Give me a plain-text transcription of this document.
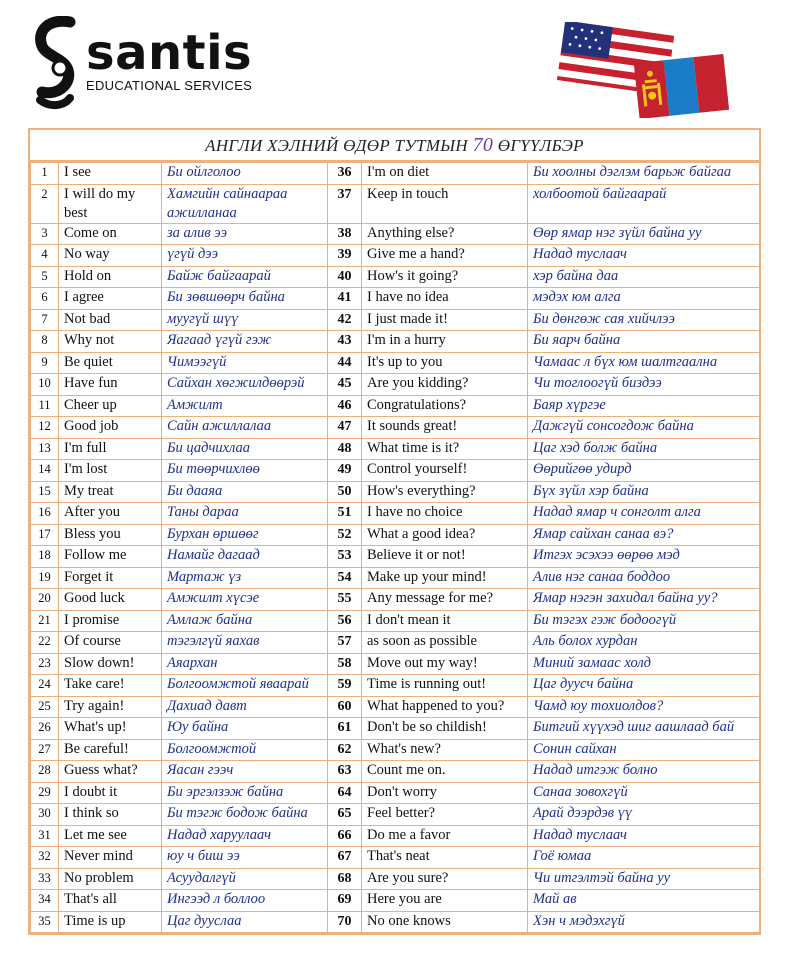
santis
EDUCATIONAL SERVICES
АНГЛИ ХЭЛНИЙ ӨДӨР ТУТМЫН 70 ӨГҮҮЛБЭР
1	I see	Би ойлголоо	36	I'm on diet	Би хоолны дэглэм барьж байгаа
2	I will do my best	Хамгийн сайнаараа ажилланаа	37	Keep in touch	холбоотой байгаарай
3	Come on	за алив ээ	38	Anything else?	Өөр ямар нэг зүйл байна уу
4	No way	үгүй дээ	39	Give me a hand?	Надад туслаач
5	Hold on	Байж байгаарай	40	How's it going?	хэр байна даа
6	I agree	Би зөвшөөрч байна	41	I have no idea	мэдэх юм алга
7	Not bad	муугүй шүү	42	I just made it!	Би дөнгөж сая хийчлээ
8	Why not	Яагаад үгүй гэж	43	I'm in a hurry	Би яарч байна
9	Be quiet	Чимээгүй	44	It's up to you	Чамаас л бүх юм шалтгаална
10	Have fun	Сайхан хөгжилдөөрэй	45	Are you kidding?	Чи тоглоогүй биздээ
11	Cheer up	Амжилт	46	Congratulations?	Баяр хүргэе
12	Good job	Сайн ажиллалаа	47	It sounds great!	Дажгүй сонсогдож байна
13	I'm full	Би цадчихлаа	48	What time is it?	Цаг хэд болж байна
14	I'm lost	Би төөрчихлөө	49	Control yourself!	Өөрийгөө удирд
15	My treat	Би дааяа	50	How's everything?	Бүх зүйл хэр байна
16	After you	Таны дараа	51	I have no choice	Надад ямар ч сонголт алга
17	Bless you	Бурхан өршөөг	52	What a good idea?	Ямар сайхан санаа вэ?
18	Follow me	Намайг дагаад	53	Believe it or not!	Итгэх эсэхээ өөрөө мэд
19	Forget it	Мартаж үз	54	Make up your mind!	Алив нэг санаа боддоо
20	Good luck	Амжилт хүсэе	55	Any message for me?	Ямар нэгэн захидал байна уу?
21	I promise	Амлаж байна	56	I don't mean it	Би тэгэх гэж бодоогүй
22	Of course	тэгэлгүй яахав	57	as soon as possible	Аль болох хурдан
23	Slow down!	Аяархан	58	Move out my way!	Миний замаас холд
24	Take care!	Болгоомжтой яваарай	59	Time is running out!	Цаг дууcч байна
25	Try again!	Дахиад давт	60	What happened to you?	Чамд юу тохиолдов?
26	What's up!	Юу байна	61	Don't be so childish!	Битгий хүүхэд шиг аашлаад бай
27	Be careful!	Болгоомжтой	62	What's new?	Сонин сайхан
28	Guess what?	Яасан гээч	63	Count me on.	Надад итгэж болно
29	I doubt it	Би эргэлзэж байна	64	Don't worry	Санаа зовохгүй
30	I think so	Би тэгж бодож байна	65	Feel better?	Арай дээрдэв үү
31	Let me see	Надад харуулаач	66	Do me a favor	Надад туслаач
32	Never mind	юу ч биш ээ	67	That's neat	Гоё юмаа
33	No problem	Асуудалгүй	68	Are you sure?	Чи итгэлтэй байна уу
34	That's all	Ингээд л боллоо	69	Here you are	Май ав
35	Time is up	Цаг дууслаа	70	No one knows	Хэн ч мэдэхгүй
